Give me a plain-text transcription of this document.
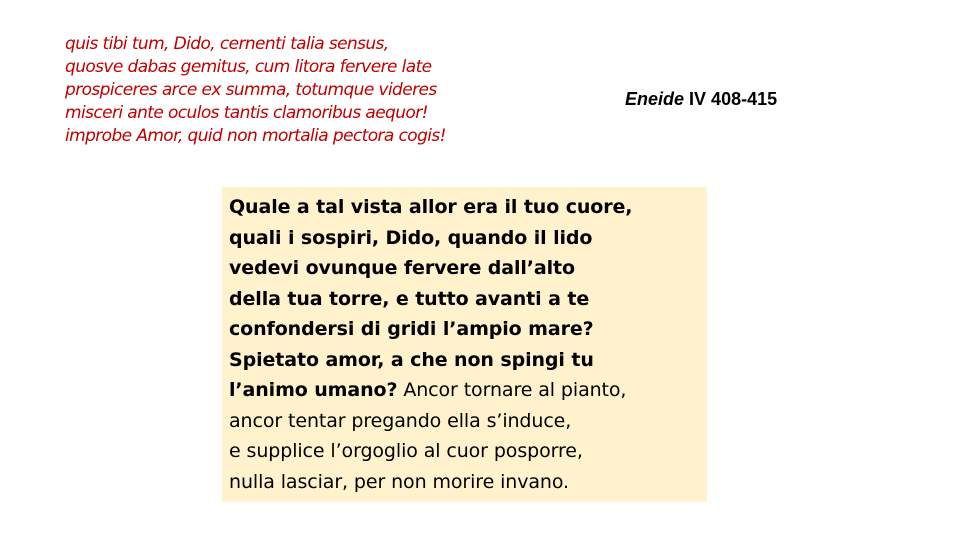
quis tibi tum, Dido, cernenti talia sensus,
quosve dabas gemitus, cum litora fervere late
prospiceres arce ex summa, totumque videres
misceri ante oculos tantis clamoribus aequor!
improbe Amor, quid non mortalia pectora cogis!
Eneide IV 408-415
Quale a tal vista allor era il tuo cuore,
quali i sospiri, Dido, quando il lido
vedevi ovunque fervere dall’alto
della tua torre, e tutto avanti a te
confondersi di gridi l’ampio mare?
Spietato amor, a che non spingi tu
l’animo umano? Ancor tornare al pianto,
ancor tentar pregando ella s’induce,
e supplice l’orgoglio al cuor posporre,
nulla lasciar, per non morire invano.
